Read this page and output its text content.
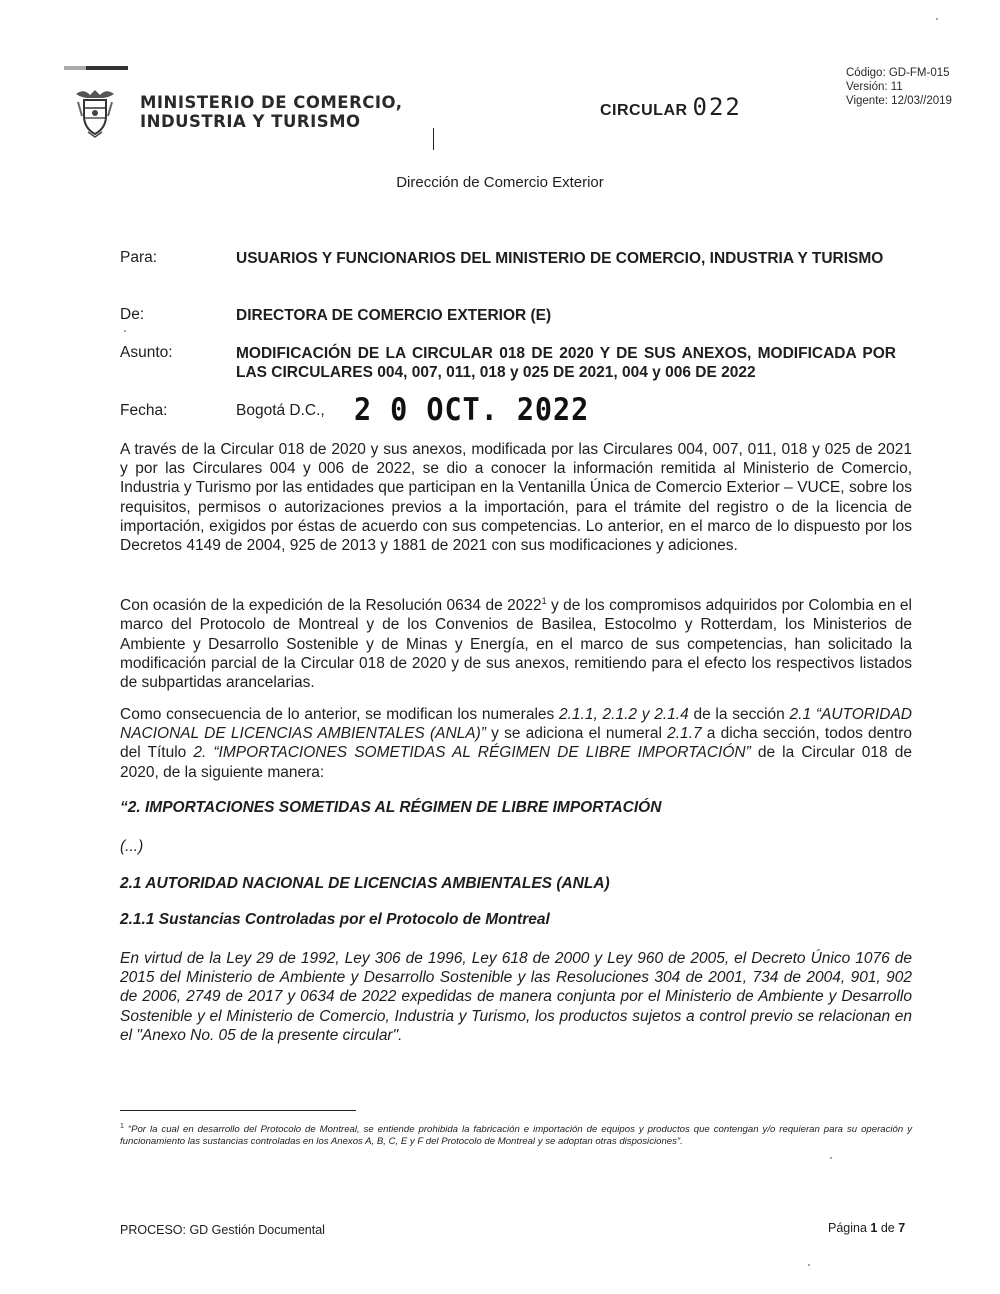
MINISTERIO DE COMERCIO,
INDUSTRIA Y TURISMO
CIRCULAR 022
Código: GD-FM-015
Versión: 11
Vigente: 12/03//2019
Dirección de Comercio Exterior
Para:	USUARIOS Y FUNCIONARIOS DEL MINISTERIO DE COMERCIO, INDUSTRIA Y TURISMO
De:	DIRECTORA DE COMERCIO EXTERIOR (E)
Asunto:	MODIFICACIÓN DE LA CIRCULAR 018 DE 2020 Y DE SUS ANEXOS, MODIFICADA POR LAS CIRCULARES 004, 007, 011, 018 y 025 DE 2021, 004 y 006 DE 2022
Fecha:	Bogotá D.C., 2 0 OCT. 2022
A través de la Circular 018 de 2020 y sus anexos, modificada por las Circulares 004, 007, 011, 018 y 025 de 2021 y por las Circulares 004 y 006 de 2022, se dio a conocer la información remitida al Ministerio de Comercio, Industria y Turismo por las entidades que participan en la Ventanilla Única de Comercio Exterior – VUCE, sobre los requisitos, permisos o autorizaciones previos a la importación, para el trámite del registro o de la licencia de importación, exigidos por éstas de acuerdo con sus competencias. Lo anterior, en el marco de lo dispuesto por los Decretos 4149 de 2004, 925 de 2013 y 1881 de 2021 con sus modificaciones y adiciones.
Con ocasión de la expedición de la Resolución 0634 de 2022$^1$ y de los compromisos adquiridos por Colombia en el marco del Protocolo de Montreal y de los Convenios de Basilea, Estocolmo y Rotterdam, los Ministerios de Ambiente y Desarrollo Sostenible y de Minas y Energía, en el marco de sus competencias, han solicitado la modificación parcial de la Circular 018 de 2020 y de sus anexos, remitiendo para el efecto los respectivos listados de subpartidas arancelarias.
Como consecuencia de lo anterior, se modifican los numerales 2.1.1, 2.1.2 y 2.1.4 de la sección 2.1 “AUTORIDAD NACIONAL DE LICENCIAS AMBIENTALES (ANLA)” y se adiciona el numeral 2.1.7 a dicha sección, todos dentro del Título 2. “IMPORTACIONES SOMETIDAS AL RÉGIMEN DE LIBRE IMPORTACIÓN” de la Circular 018 de 2020, de la siguiente manera:
“2. IMPORTACIONES SOMETIDAS AL RÉGIMEN DE LIBRE IMPORTACIÓN
(...)
2.1 AUTORIDAD NACIONAL DE LICENCIAS AMBIENTALES (ANLA)
2.1.1 Sustancias Controladas por el Protocolo de Montreal
En virtud de la Ley 29 de 1992, Ley 306 de 1996, Ley 618 de 2000 y Ley 960 de 2005, el Decreto Único 1076 de 2015 del Ministerio de Ambiente y Desarrollo Sostenible y las Resoluciones 304 de 2001, 734 de 2004, 901, 902 de 2006, 2749 de 2017 y 0634 de 2022 expedidas de manera conjunta por el Ministerio de Ambiente y Desarrollo Sostenible y el Ministerio de Comercio, Industria y Turismo, los productos sujetos a control previo se relacionan en el "Anexo No. 05 de la presente circular".
$^1$ “Por la cual en desarrollo del Protocolo de Montreal, se entiende prohibida la fabricación e importación de equipos y productos que contengan y/o requieran para su operación y funcionamiento las sustancias controladas en los Anexos A, B, C, E y F del Protocolo de Montreal y se adoptan otras disposiciones”.
PROCESO: GD Gestión Documental	Página 1 de 7
